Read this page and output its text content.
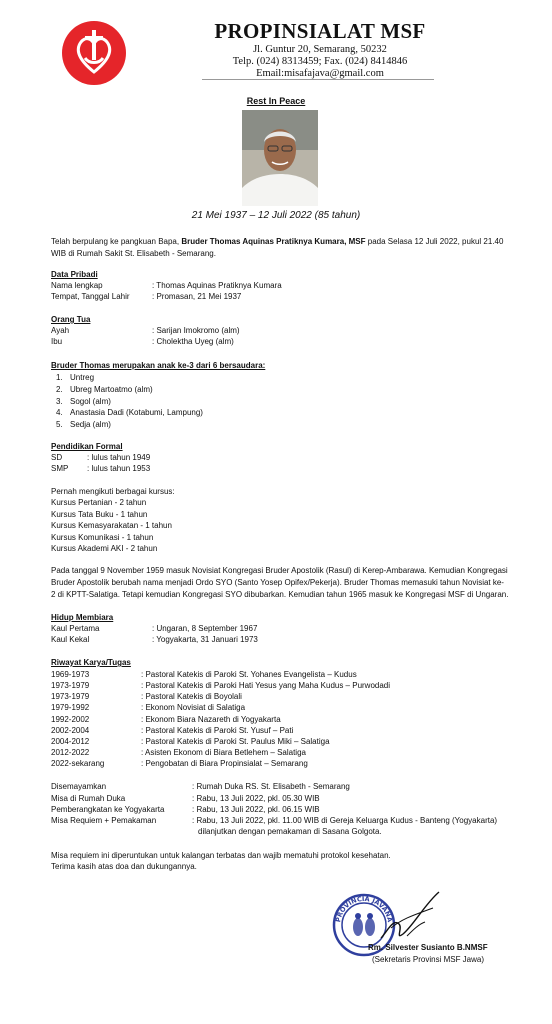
PROPINSIALAT MSF
Jl. Guntur 20, Semarang, 50232
Telp. (024) 8313459; Fax. (024) 8414846
Email:misafajava@gmail.com
Rest In Peace
21 Mei 1937 – 12 Juli 2022 (85 tahun)
Telah berpulang ke pangkuan Bapa, Bruder Thomas Aquinas Pratiknya Kumara, MSF pada Selasa 12 Juli 2022, pukul 21.40
WIB di Rumah Sakit St. Elisabeth - Semarang.
Data Pribadi
Nama lengkap	: Thomas Aquinas Pratiknya Kumara
Tempat, Tanggal Lahir	: Promasan, 21 Mei 1937
Orang Tua
Ayah	: Sarijan Imokromo (alm)
Ibu	: Cholektha Uyeg (alm)
Bruder Thomas merupakan anak ke-3 dari 6 bersaudara:
1. Untreg
2. Ubreg Martoatmo (alm)
3. Sogol (alm)
4. Anastasia Dadi (Kotabumi, Lampung)
5. Sedja (alm)
Pendidikan Formal
SD	: lulus tahun 1949
SMP : lulus tahun 1953
Pernah mengikuti berbagai kursus:
Kursus Pertanian - 2 tahun
Kursus Tata Buku - 1 tahun
Kursus Kemasyarakatan - 1 tahun
Kursus Komunikasi - 1 tahun
Kursus Akademi AKI - 2 tahun
Pada tanggal 9 November 1959 masuk Novisiat Kongregasi Bruder Apostolik (Rasul) di Kerep-Ambarawa. Kemudian Kongregasi
Bruder Apostolik berubah nama menjadi Ordo SYO (Santo Yosep Opifex/Pekerja). Bruder Thomas memasuki tahun Novisiat ke-
2 di KPTT-Salatiga. Tetapi kemudian Kongregasi SYO dibubarkan. Kemudian tahun 1965 masuk ke Kongregasi MSF di Ungaran.
Hidup Membiara
Kaul Pertama	: Ungaran, 8 September 1967
Kaul Kekal	: Yogyakarta, 31 Januari 1973
Riwayat Karya/Tugas
1969-1973	: Pastoral Katekis di Paroki St. Yohanes Evangelista – Kudus
1973-1979	: Pastoral Katekis di Paroki Hati Yesus yang Maha Kudus – Purwodadi
1973-1979	: Pastoral Katekis di Boyolali
1979-1992	: Ekonom Novisiat di Salatiga
1992-2002	: Ekonom Biara Nazareth di Yogyakarta
2002-2004	: Pastoral Katekis di Paroki St. Yusuf – Pati
2004-2012	: Pastoral Katekis di Paroki St. Paulus Miki – Salatiga
2012-2022	: Asisten Ekonom di Biara Betlehem – Salatiga
2022-sekarang	: Pengobatan di Biara Propinsialat – Semarang
Disemayamkan	: Rumah Duka RS. St. Elisabeth - Semarang
Misa di Rumah Duka	: Rabu, 13 Juli 2022, pkl. 05.30 WIB
Pemberangkatan ke Yogyakarta	: Rabu, 13 Juli 2022, pkl. 06.15 WIB
Misa Requiem + Pemakaman	: Rabu, 13 Juli 2022, pkl. 11.00 WIB di Gereja Keluarga Kudus - Banteng (Yogyakarta)
dilanjutkan dengan pemakaman di Sasana Golgota.
Misa requiem ini diperuntukan untuk kalangan terbatas dan wajib mematuhi protokol kesehatan.
Terima kasih atas doa dan dukungannya.
PROVINCIA JAVANA
Rm. Silvester Susianto B.NMSF
(Sekretaris Provinsi MSF Jawa)
